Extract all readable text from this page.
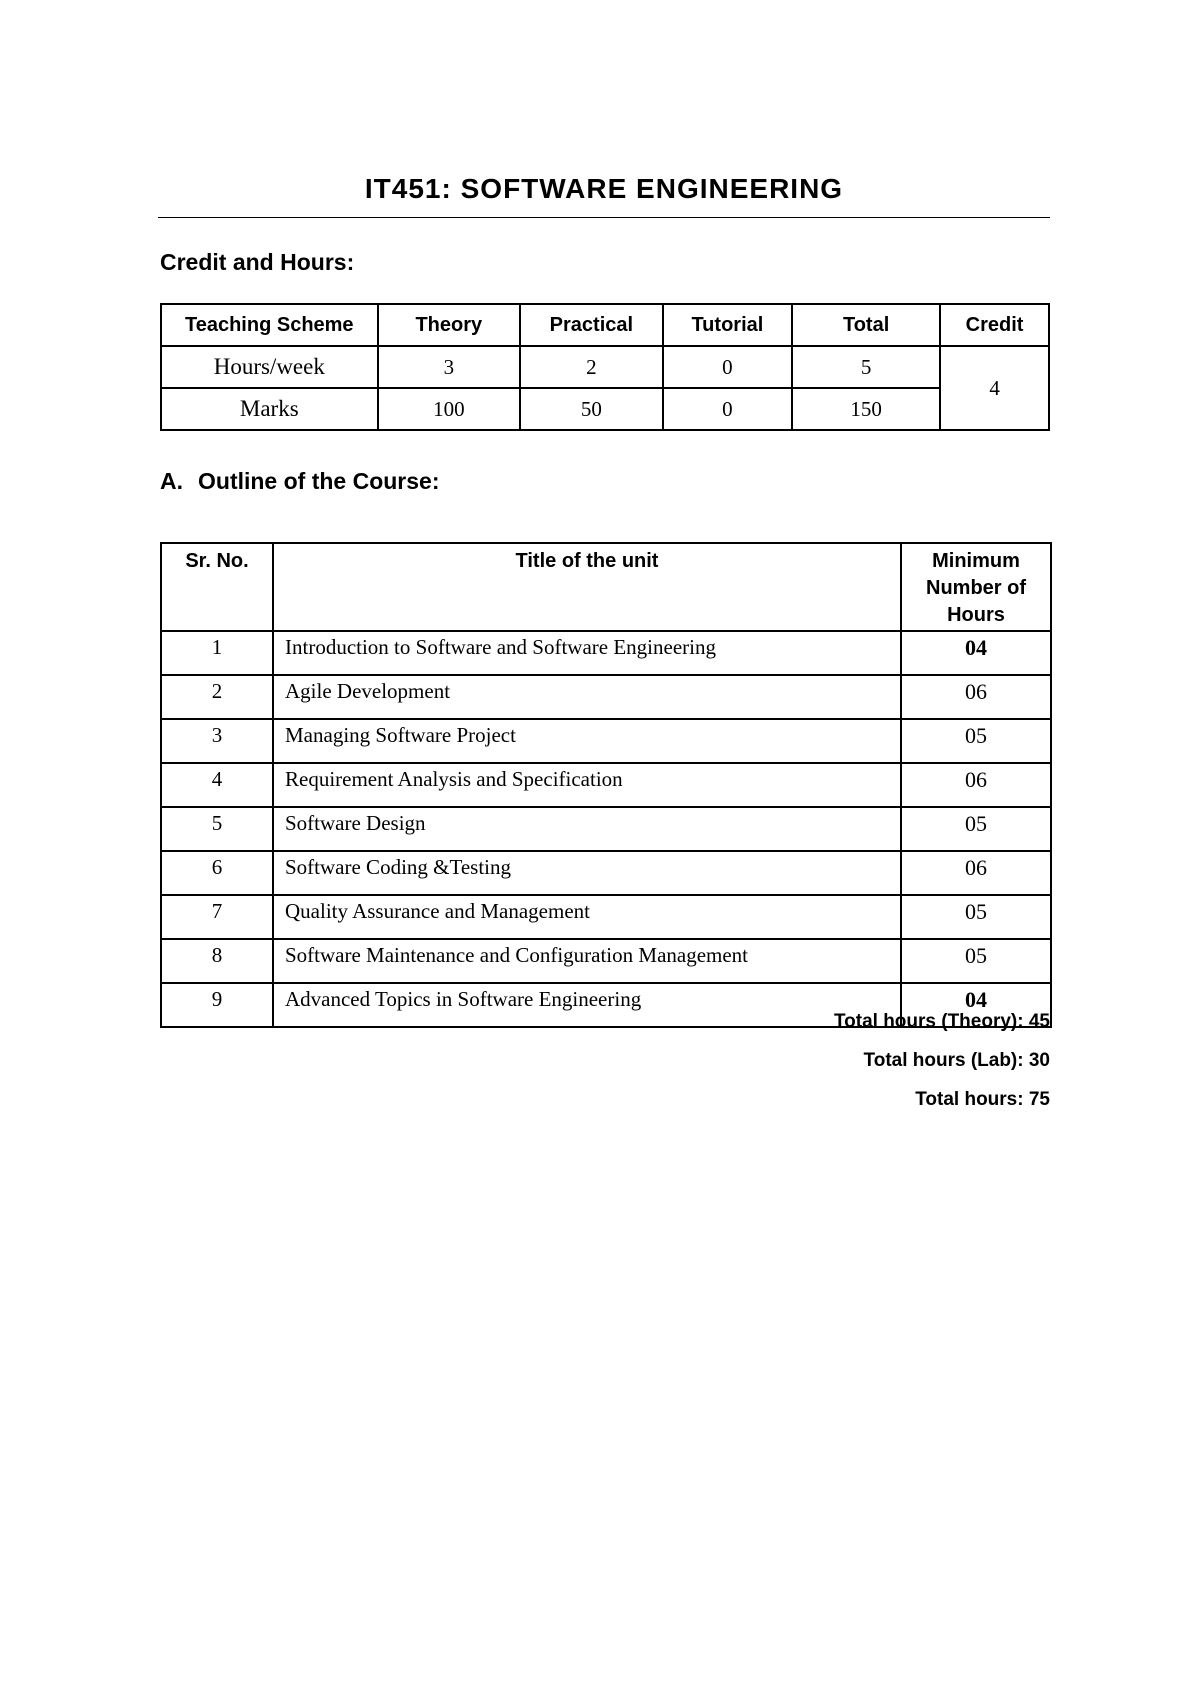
IT451: SOFTWARE ENGINEERING
Credit and Hours:
Teaching Scheme	Theory	Practical	Tutorial	Total	Credit
Hours/week	3	2	0	5	4
Marks	100	50	0	150	
A. Outline of the Course:
Sr. No.	Title of the unit	Minimum
Number of
Hours

1	Introduction to Software and Software Engineering	04
2	Agile Development	06
3	Managing Software Project	05
4	Requirement Analysis and Specification	06
5	Software Design	05
6	Software Coding &Testing	06
7	Quality Assurance and Management	05
8	Software Maintenance and Configuration Management	05
9	Advanced Topics in Software Engineering	04
Total hours (Theory): 45
Total hours (Lab): 30
Total hours: 75
